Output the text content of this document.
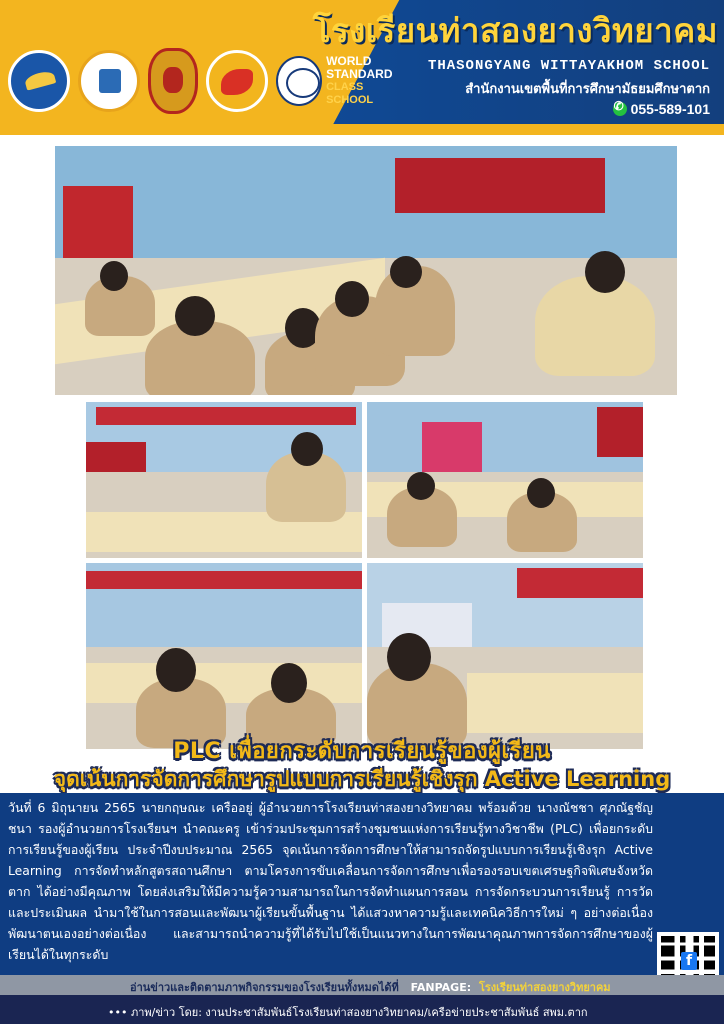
WORLD
STANDARD
CLASS SCHOOL
โรงเรียนท่าสองยางวิทยาคม
THASONGYANG WITTAYAKHOM SCHOOL
สำนักงานเขตพื้นที่การศึกษามัธยมศึกษาตาก
✆055-589-101
PLC เพื่อยกระดับการเรียนรู้ของผู้เรียน
จุดเน้นการจัดการศึกษารูปแบบการเรียนรู้เชิงรุก Active Learning
วันที่ 6 มิถุนายน 2565 นายกฤษณะ เครืออยู่ ผู้อำนวยการโรงเรียนท่าสองยางวิทยาคม พร้อมด้วย นางณัชชา ศุภณัฐชัญชนา รองผู้อำนวยการโรงเรียนฯ นำคณะครู เข้าร่วมประชุมการสร้างชุมชนแห่งการเรียนรู้ทางวิชาชีพ (PLC) เพื่อยกระดับการเรียนรู้ของผู้เรียน ประจำปีงบประมาณ 2565 จุดเน้นการจัดการศึกษาให้สามารถจัดรูปแบบการเรียนรู้เชิงรุก Active Learning การจัดทำหลักสูตรสถานศึกษา ตามโครงการขับเคลื่อนการจัดการศึกษาเพื่อรองรอบเขตเศรษฐกิจพิเศษจังหวัดตาก ได้อย่างมีคุณภาพ โดยส่งเสริมให้มีความรู้ความสามารถในการจัดทำแผนการสอน การจัดกระบวนการเรียนรู้ การวัดและประเมินผล นำมาใช้ในการสอนและพัฒนาผู้เรียนขั้นพื้นฐาน ได้แสวงหาความรู้และเทคนิควิธีการใหม่ ๆ อย่างต่อเนื่อง พัฒนาตนเองอย่างต่อเนื่อง และสามารถนำความรู้ที่ได้รับไปใช้เป็นแนวทางในการพัฒนาคุณภาพการจัดการศึกษาของผู้เรียนได้ในทุกระดับ
f
อ่านข่าวและติดตามภาพกิจกรรมของโรงเรียนทั้งหมดได้ที่ FANPAGE: โรงเรียนท่าสองยางวิทยาคม
••• ภาพ/ข่าว โดย: งานประชาสัมพันธ์โรงเรียนท่าสองยางวิทยาคม/เครือข่ายประชาสัมพันธ์ สพม.ตาก
